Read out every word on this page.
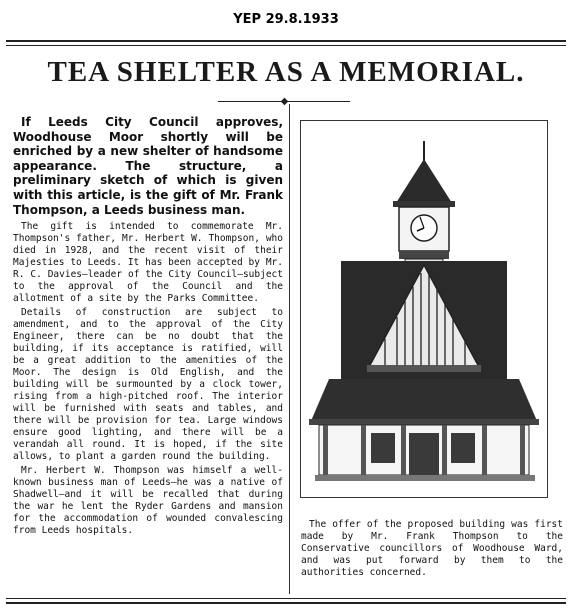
YEP 29.8.1933
TEA SHELTER AS A MEMORIAL.
◆

If Leeds City Council approves, Woodhouse Moor shortly will be enriched by a new shelter of handsome appearance. The structure, a preliminary sketch of which is given with this article, is the gift of Mr. Frank Thompson, a Leeds business man.

The gift is intended to commemorate Mr. Thompson's father, Mr. Herbert W. Thompson, who died in 1928, and the recent visit of their Majesties to Leeds. It has been accepted by Mr. R. C. Davies—leader of the City Council—subject to the approval of the Council and the allotment of a site by the Parks Committee.

Details of construction are subject to amendment, and to the approval of the City Engineer, there can be no doubt that the building, if its acceptance is ratified, will be a great addition to the amenities of the Moor. The design is Old English, and the building will be surmounted by a clock tower, rising from a high-pitched roof. The interior will be furnished with seats and tables, and there will be provision for tea. Large windows ensure good lighting, and there will be a verandah all round. It is hoped, if the site allows, to plant a garden round the building.

Mr. Herbert W. Thompson was himself a well-known business man of Leeds—he was a native of Shadwell—and it will be recalled that during the war he lent the Ryder Gardens and mansion for the accommodation of wounded convalescing from Leeds hospitals.

The offer of the proposed building was first made by Mr. Frank Thompson to the Conservative councillors of Woodhouse Ward, and was put forward by them to the authorities concerned.
